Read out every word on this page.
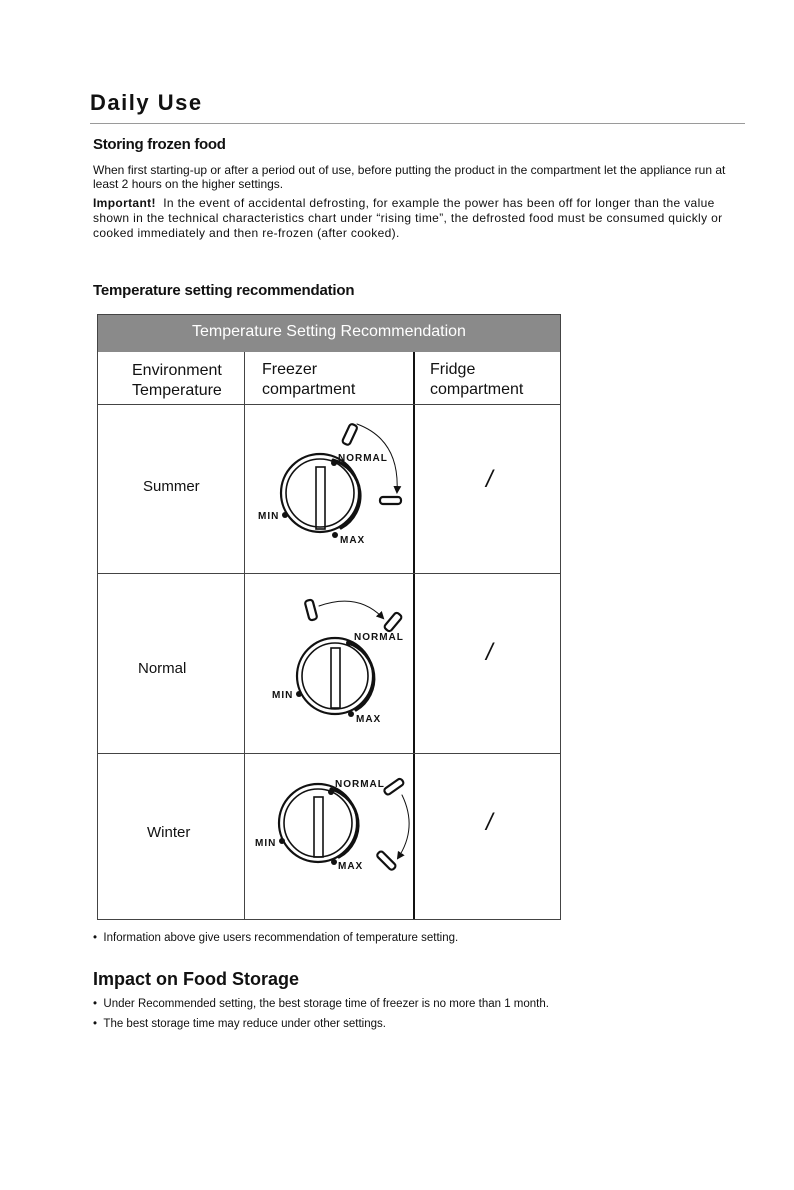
Daily Use
Storing frozen food
When first starting-up or after a period out of use, before putting the product in the compartment let the appliance run at least 2 hours on the higher settings.
Important! In the event of accidental defrosting, for example the power has been off for longer than the value shown in the technical characteristics chart under “rising time”, the defrosted food must be consumed quickly or cooked immediately and then re-frozen (after cooked).
Temperature setting recommendation
Temperature Setting Recommendation
Environment
Temperature
Freezer
compartment
Fridge
compartment
Summer
Normal
Winter
/
/
/
NORMAL
MIN
MAX
NORMAL
MIN
MAX
NORMAL
MIN
MAX
• Information above give users recommendation of temperature setting.
Impact on Food Storage
• Under Recommended setting, the best storage time of freezer is no more than 1 month.
• The best storage time may reduce under other settings.
